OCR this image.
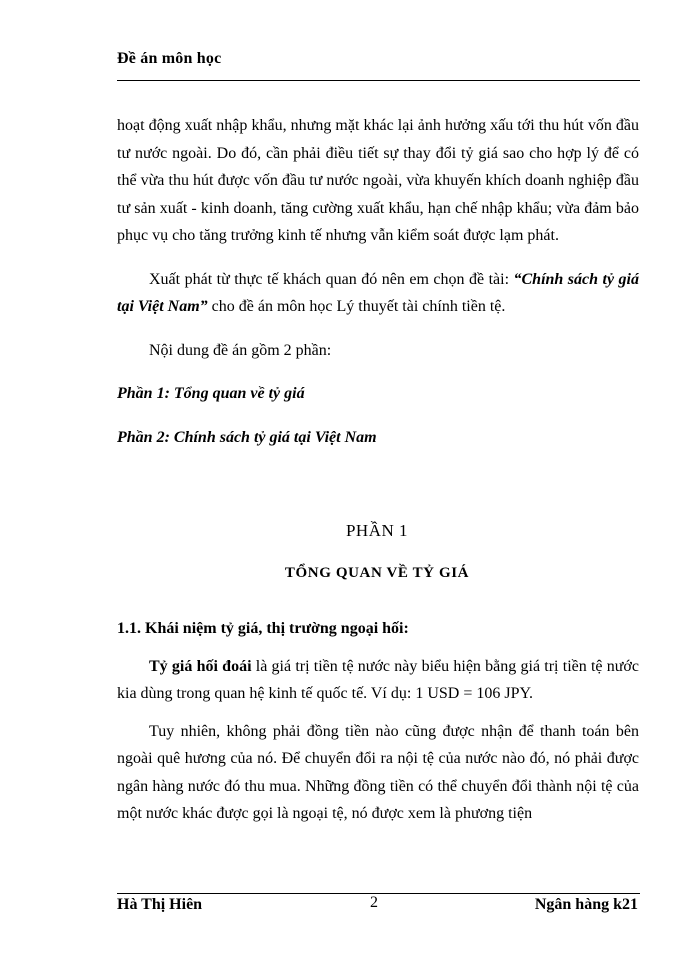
Đề án môn học

hoạt động xuất nhập khẩu, nhưng mặt khác lại ảnh hưởng xấu tới thu hút vốn đầu tư nước ngoài. Do đó, cần phải điều tiết sự thay đổi tỷ giá sao cho hợp lý để có thể vừa thu hút được vốn đầu tư nước ngoài, vừa khuyến khích doanh nghiệp đầu tư sản xuất - kinh doanh, tăng cường xuất khẩu, hạn chế nhập khẩu; vừa đảm bảo phục vụ cho tăng trưởng kinh tế nhưng vẫn kiểm soát được lạm phát.

Xuất phát từ thực tế khách quan đó nên em chọn đề tài: “Chính sách tỷ giá tại Việt Nam” cho đề án môn học Lý thuyết tài chính tiền tệ.

Nội dung đề án gồm 2 phần:

Phần 1: Tổng quan về tỷ giá

Phần 2: Chính sách tỷ giá tại Việt Nam

PHẦN 1
TỔNG QUAN VỀ TỶ GIÁ

1.1. Khái niệm tỷ giá, thị trường ngoại hối:

Tỷ giá hối đoái là giá trị tiền tệ nước này biểu hiện bằng giá trị tiền tệ nước kia dùng trong quan hệ kinh tế quốc tế. Ví dụ: 1 USD = 106 JPY.

Tuy nhiên, không phải đồng tiền nào cũng được nhận để thanh toán bên ngoài quê hương của nó. Để chuyển đổi ra nội tệ của nước nào đó, nó phải được ngân hàng nước đó thu mua. Những đồng tiền có thể chuyển đổi thành nội tệ của một nước khác được gọi là ngoại tệ, nó được xem là phương tiện

Hà Thị Hiên	2	Ngân hàng k21
